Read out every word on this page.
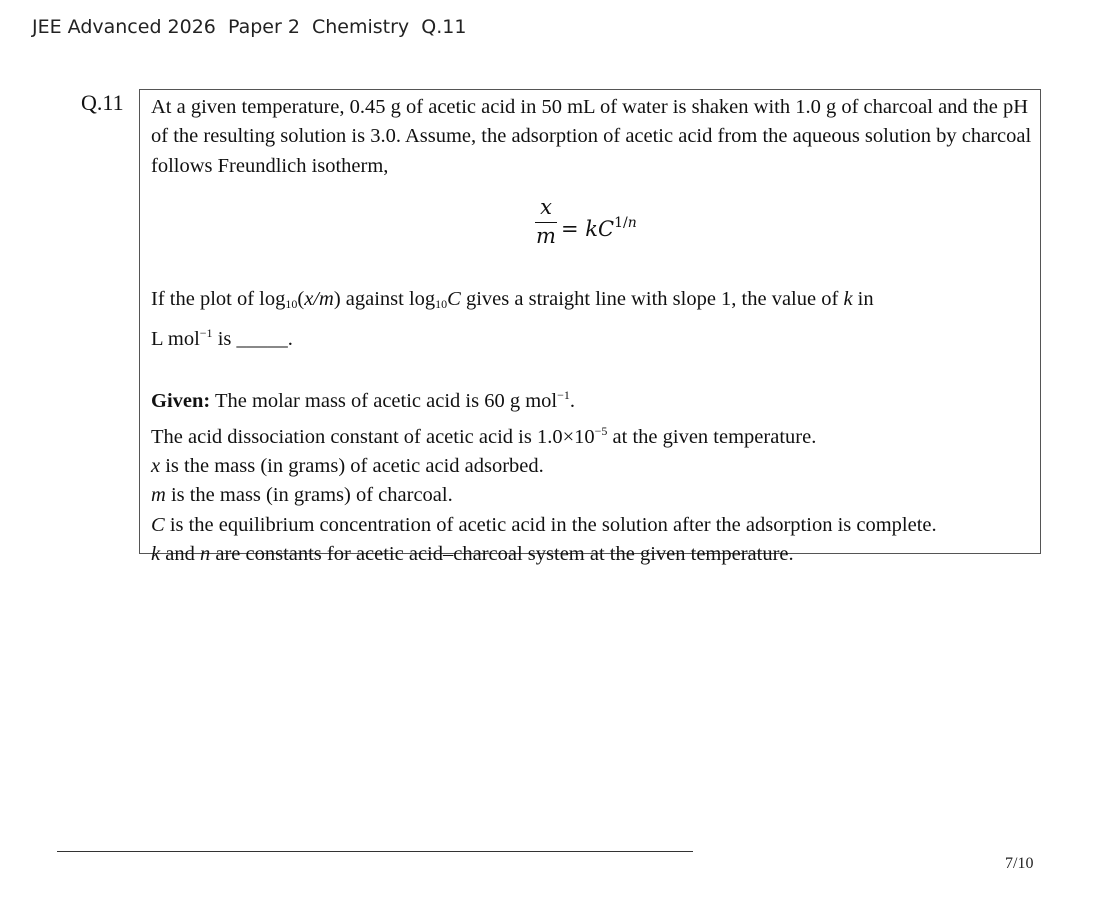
JEE Advanced 2026  Paper 2  Chemistry  Q.11
Q.11 At a given temperature, 0.45 g of acetic acid in 50 mL of water is shaken with 1.0 g of charcoal and the pH of the resulting solution is 3.0. Assume, the adsorption of acetic acid from the aqueous solution by charcoal follows Freundlich isotherm,

$\frac{x}{m} = kC^{1/n}$

If the plot of $\log_{10}(x/m)$ against $\log_{10}C$ gives a straight line with slope 1, the value of k in
L mol$^{-1}$ is _____.

Given: The molar mass of acetic acid is 60 g mol$^{-1}$.

The acid dissociation constant of acetic acid is $1.0\times 10^{-5}$ at the given temperature.

x is the mass (in grams) of acetic acid adsorbed.

m is the mass (in grams) of charcoal.

C is the equilibrium concentration of acetic acid in the solution after the adsorption is complete.

k and n are constants for acetic acid–charcoal system at the given temperature.

7/10
